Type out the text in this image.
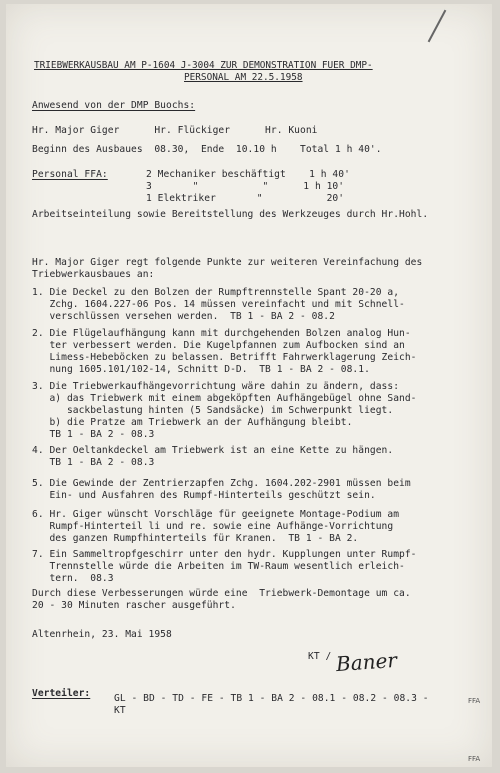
TRIEBWERKAUSBAU AM P-1604 J-3004 ZUR DEMONSTRATION FUER DMP-
PERSONAL AM 22.5.1958
Anwesend von der DMP Buochs:
Hr. Major Giger      Hr. Flückiger      Hr. Kuoni
Beginn des Ausbaues  08.30,  Ende  10.10 h    Total 1 h 40'.
Personal FFA:	2 Mechaniker beschäftigt    1 h 40'
3       "           "      1 h 10'
1 Elektriker       "           20'
Arbeitseinteilung sowie Bereitstellung des Werkzeuges durch Hr.Hohl.
Hr. Major Giger regt folgende Punkte zur weiteren Vereinfachung des
Triebwerkausbaues an:
1. Die Deckel zu den Bolzen der Rumpftrennstelle Spant 20-20 a,
Zchg. 1604.227-06 Pos. 14 müssen vereinfacht und mit Schnell-
verschlüssen versehen werden.  TB 1 - BA 2 - 08.2
2. Die Flügelaufhängung kann mit durchgehenden Bolzen analog Hun-
ter verbessert werden. Die Kugelpfannen zum Aufbocken sind an
Limess-Hebeböcken zu belassen. Betrifft Fahrwerklagerung Zeich-
nung 1605.101/102-14, Schnitt D-D.  TB 1 - BA 2 - 08.1.
3. Die Triebwerkaufhängevorrichtung wäre dahin zu ändern, dass:
a) das Triebwerk mit einem abgeköpften Aufhängebügel ohne Sand-
sackbelastung hinten (5 Sandsäcke) im Schwerpunkt liegt.
b) die Pratze am Triebwerk an der Aufhängung bleibt.
TB 1 - BA 2 - 08.3
4. Der Oeltankdeckel am Triebwerk ist an eine Kette zu hängen.
TB 1 - BA 2 - 08.3
5. Die Gewinde der Zentrierzapfen Zchg. 1604.202-2901 müssen beim
Ein- und Ausfahren des Rumpf-Hinterteils geschützt sein.
6. Hr. Giger wünscht Vorschläge für geeignete Montage-Podium am
Rumpf-Hinterteil li und re. sowie eine Aufhänge-Vorrichtung
des ganzen Rumpfhinterteils für Kranen.  TB 1 - BA 2.
7. Ein Sammeltropfgeschirr unter den hydr. Kupplungen unter Rumpf-
Trennstelle würde die Arbeiten im TW-Raum wesentlich erleich-
tern.  08.3
Durch diese Verbesserungen würde eine  Triebwerk-Demontage um ca.
20 - 30 Minuten rascher ausgeführt.
Altenrhein, 23. Mai 1958
KT / Baner
Verteiler: GL - BD - TD - FE - TB 1 - BA 2 - 08.1 - 08.2 - 08.3 -
KT
FFA
FFA
